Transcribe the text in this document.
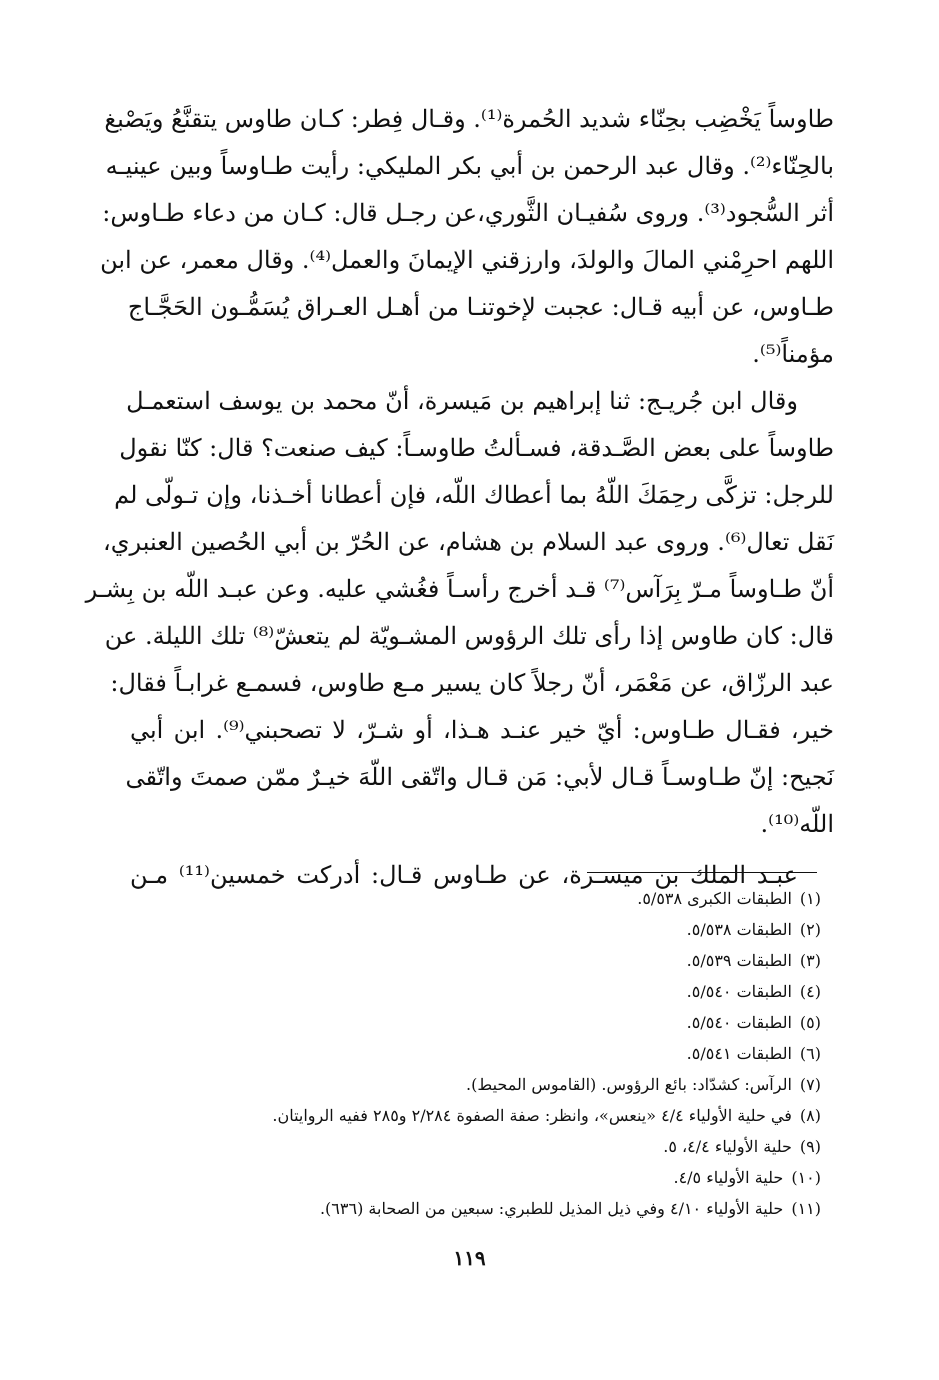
طاوساً يَخْضِب بحِنّاء شديد الحُمرة⁽¹⁾. وقـال فِطر: كـان طاوس يتقنَّعُ ويَصْبغ
بالحِنّاء⁽²⁾. وقال عبد الرحمن بن أبي بكر المليكي: رأيت طـاوساً وبين عينيـه
أثر السُّجود⁽³⁾. وروى سُفيـان الثَّوري،عن رجـل قال: كـان من دعاء طـاوس:
اللهم احرِمْني المالَ والولدَ، وارزقني الإيمانَ والعمل⁽⁴⁾. وقال معمر، عن ابن
طـاوس، عن أبيه قـال: عجبت لإخوتنـا من أهـل العـراق يُسَمُّـون الحَجَّـاج
مؤمناً⁽⁵⁾.
وقال ابن جُريـج: ثنا إبراهيم بن مَيسرة، أنّ محمد بن يوسف استعمـل
طاوساً على بعض الصَّـدقة، فسـألتُ طاوسـاً: كيف صنعت؟ قال: كنّا نقول
للرجل: تزكَّى رحِمَكَ اللّهُ بما أعطاك اللّه، فإن أعطانا أخـذنا، وإن تـولّى لم
نَقل تعال⁽⁶⁾. وروى عبد السلام بن هشام، عن الحُرّ بن أبي الحُصين العنبري،
أنّ طـاوساً مـرّ بِرَآس⁽⁷⁾ قـد أخرج رأسـاً فغُشي عليه. وعن عبـد اللّه بن بِشـر
قال: كان طاوس إذا رأى تلك الرؤوس المشـويّة لم يتعشّ⁽⁸⁾ تلك الليلة. عن
عبد الرزّاق، عن مَعْمَر، أنّ رجلاً كان يسير مـع طاوس، فسمـع غرابـاً فقال:
خير، فقـال طـاوس: أيّ خير عنـد هـذا، أو شـرّ، لا تصحبني⁽⁹⁾. ابن أبي
نَجيح: إنّ طـاوسـاً قـال لأبي: مَن قـال واتّقى اللّهَ خيـرٌ ممّن صمتَ واتّقى
اللّه⁽¹⁰⁾.
عبـد الملك بن ميسـرة، عن طـاوس قـال: أدركت خمسين⁽¹¹⁾ مـن
(١)الطبقات الكبرى ٥/٥٣٨.
(٢)الطبقات ٥/٥٣٨.
(٣)الطبقات ٥/٥٣٩.
(٤)الطبقات ٥/٥٤٠.
(٥)الطبقات ٥/٥٤٠.
(٦)الطبقات ٥/٥٤١.
(٧)الرآس: كشدّاد: بائع الرؤوس. (القاموس المحيط).
(٨)في حلية الأولياء ٤/٤ «ينعس»، وانظر: صفة الصفوة ٢/٢٨٤ و٢٨٥ ففيه الروايتان.
(٩)حلية الأولياء ٤/٤، ٥.
(١٠)حلية الأولياء ٤/٥.
(١١)حلية الأولياء ٤/١٠ وفي ذيل المذيل للطبري: سبعين من الصحابة (٦٣٦).
١١٩
